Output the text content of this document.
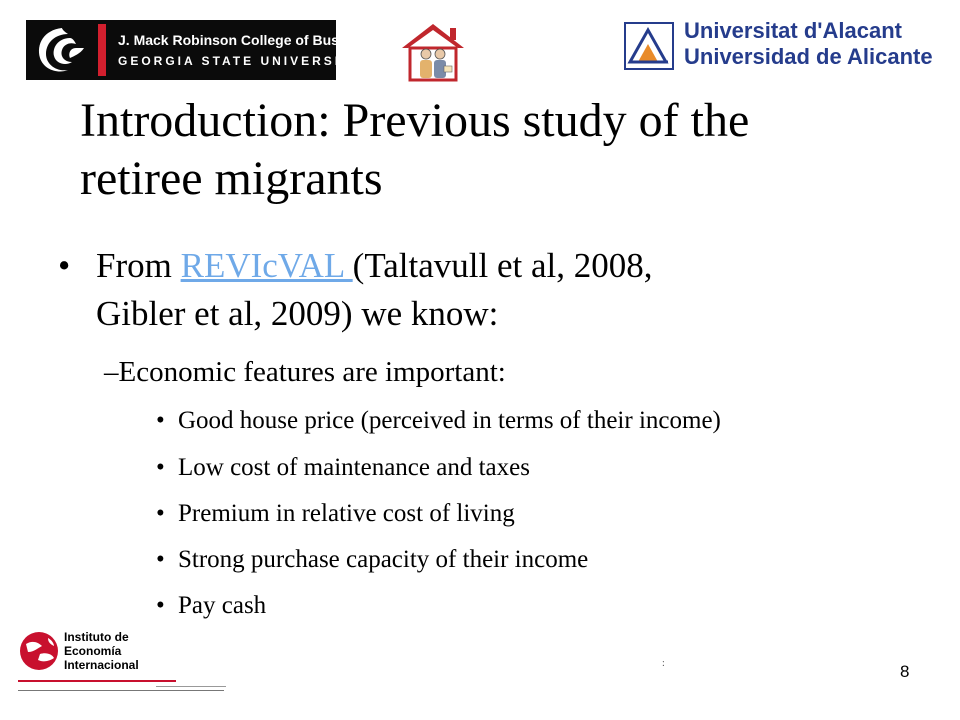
J. Mack Robinson College of Business
GEORGIA STATE UNIVERSITY
Universitat d'Alacant
Universidad de Alicante
Introduction: Previous study of the
retiree migrants
• From REVIcVAL (Taltavull et al, 2008,
Gibler et al, 2009) we know:
–Economic features are important:
• Good house price (perceived in terms of their income)
• Low cost of maintenance and taxes
• Premium in relative cost of living
• Strong purchase capacity of their income
• Pay cash
Instituto de
Economía
Internacional	:	8
